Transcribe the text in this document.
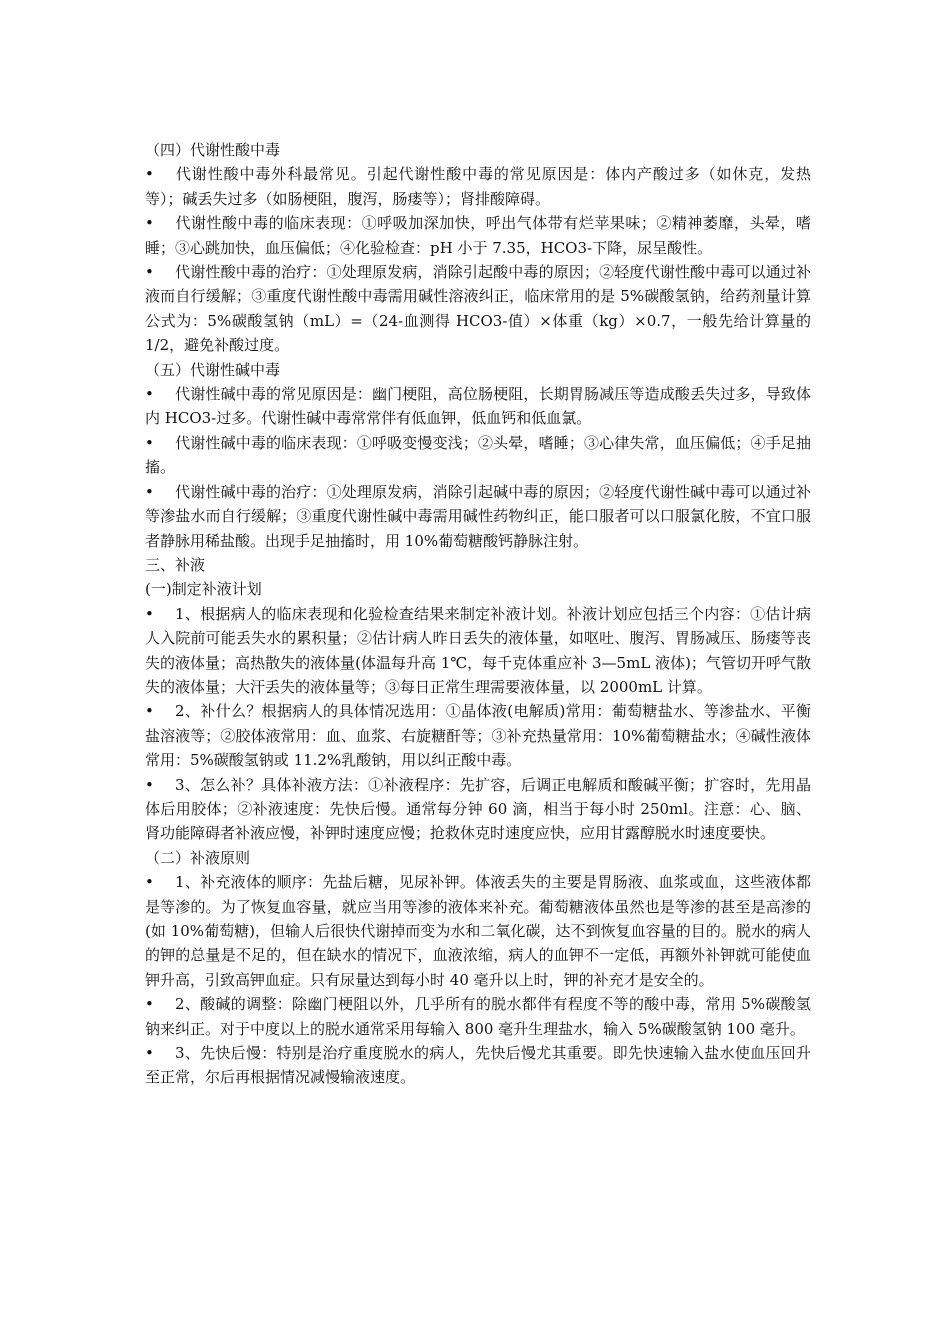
（四）代谢性酸中毒

• 代谢性酸中毒外科最常见。引起代谢性酸中毒的常见原因是：体内产酸过多（如休克，发热等）；碱丢失过多（如肠梗阻，腹泻，肠瘘等）；肾排酸障碍。

• 代谢性酸中毒的临床表现：①呼吸加深加快，呼出气体带有烂苹果味；②精神萎靡，头晕，嗜睡；③心跳加快，血压偏低；④化验检查：pH 小于 7.35，HCO3-下降，尿呈酸性。

• 代谢性酸中毒的治疗：①处理原发病，消除引起酸中毒的原因；②轻度代谢性酸中毒可以通过补液而自行缓解；③重度代谢性酸中毒需用碱性溶液纠正，临床常用的是 5%碳酸氢钠，给药剂量计算公式为：5%碳酸氢钠（mL）=（24-血测得 HCO3-值）×体重（kg）×0.7，一般先给计算量的 1/2，避免补酸过度。

（五）代谢性碱中毒

• 代谢性碱中毒的常见原因是：幽门梗阻，高位肠梗阻，长期胃肠减压等造成酸丢失过多，导致体内 HCO3-过多。代谢性碱中毒常常伴有低血钾，低血钙和低血氯。

• 代谢性碱中毒的临床表现：①呼吸变慢变浅；②头晕，嗜睡；③心律失常，血压偏低；④手足抽搐。

• 代谢性碱中毒的治疗：①处理原发病，消除引起碱中毒的原因；②轻度代谢性碱中毒可以通过补等渗盐水而自行缓解；③重度代谢性碱中毒需用碱性药物纠正，能口服者可以口服氯化胺，不宜口服者静脉用稀盐酸。出现手足抽搐时，用 10%葡萄糖酸钙静脉注射。

三、补液

(一)制定补液计划

• 1、根据病人的临床表现和化验检查结果来制定补液计划。补液计划应包括三个内容：①估计病人入院前可能丢失水的累积量；②估计病人昨日丢失的液体量，如呕吐、腹泻、胃肠减压、肠瘘等丧失的液体量；高热散失的液体量(体温每升高 1℃，每千克体重应补 3—5mL 液体)；气管切开呼气散失的液体量；大汗丢失的液体量等；③每日正常生理需要液体量，以 2000mL 计算。

• 2、补什么？根据病人的具体情况选用：①晶体液(电解质)常用：葡萄糖盐水、等渗盐水、平衡盐溶液等；②胶体液常用：血、血浆、右旋糖酐等；③补充热量常用：10%葡萄糖盐水；④碱性液体常用：5%碳酸氢钠或 11.2%乳酸钠，用以纠正酸中毒。

• 3、怎么补？具体补液方法：①补液程序：先扩容，后调正电解质和酸碱平衡；扩容时，先用晶体后用胶体；②补液速度：先快后慢。通常每分钟 60 滴，相当于每小时 250ml。注意：心、脑、肾功能障碍者补液应慢，补钾时速度应慢；抢救休克时速度应快，应用甘露醇脱水时速度要快。

（二）补液原则

• 1、补充液体的顺序：先盐后糖，见尿补钾。体液丢失的主要是胃肠液、血浆或血，这些液体都是等渗的。为了恢复血容量，就应当用等渗的液体来补充。葡萄糖液体虽然也是等渗的甚至是高渗的(如 10%葡萄糖)，但输人后很快代谢掉而变为水和二氧化碳，达不到恢复血容量的目的。脱水的病人的钾的总量是不足的，但在缺水的情况下，血液浓缩，病人的血钾不一定低，再额外补钾就可能使血钾升高，引致高钾血症。只有尿量达到每小时 40 毫升以上时，钾的补充才是安全的。

• 2、酸碱的调整：除幽门梗阻以外，几乎所有的脱水都伴有程度不等的酸中毒，常用 5%碳酸氢钠来纠正。对于中度以上的脱水通常采用每输入 800 毫升生理盐水，输入 5%碳酸氢钠 100 毫升。

• 3、先快后慢：特别是治疗重度脱水的病人，先快后慢尤其重要。即先快速输入盐水使血压回升至正常，尔后再根据情况减慢输液速度。
